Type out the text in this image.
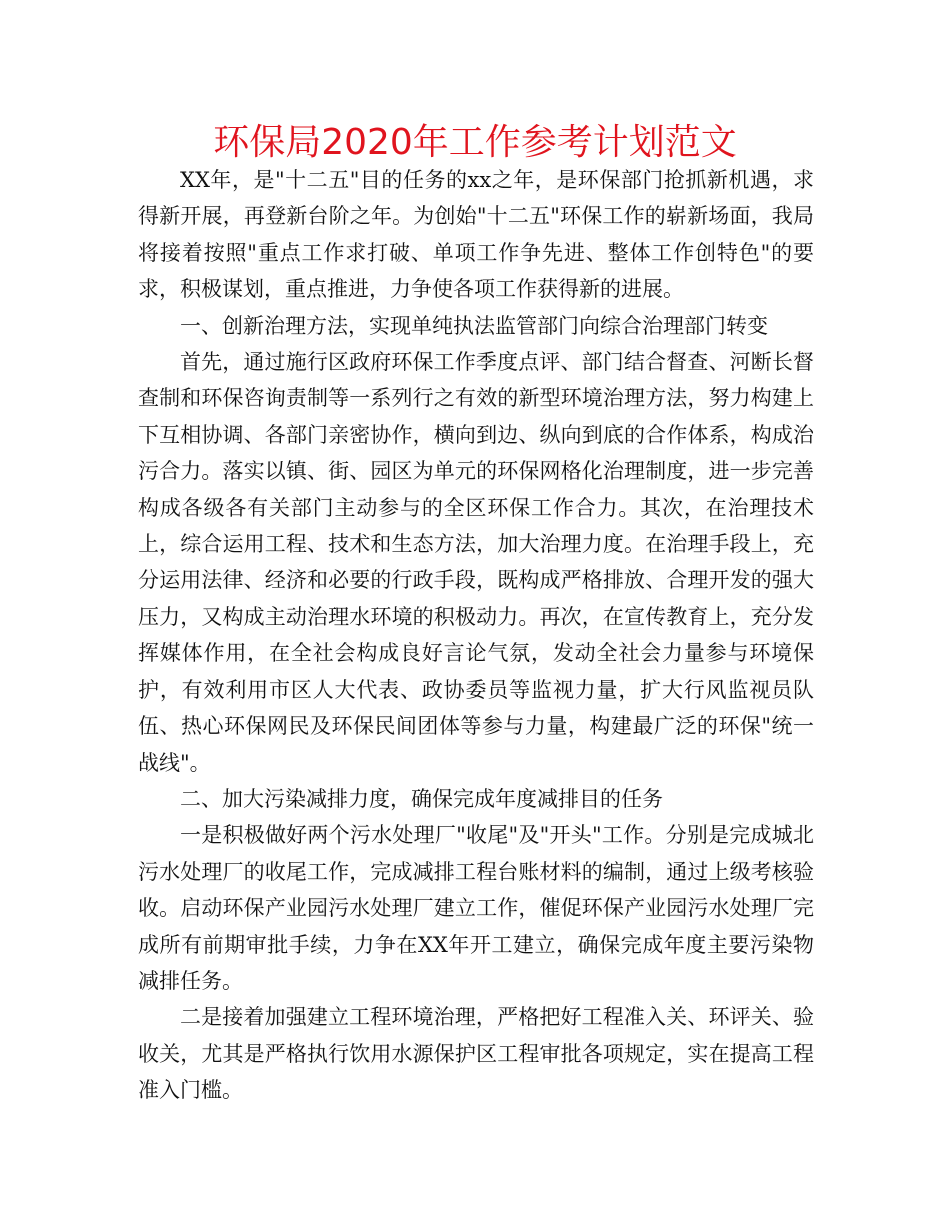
环保局2020年工作参考计划范文

XX年，是"十二五"目的任务的xx之年，是环保部门抢抓新机遇，求得新开展，再登新台阶之年。为创始"十二五"环保工作的崭新场面，我局将接着按照"重点工作求打破、单项工作争先进、整体工作创特色"的要求，积极谋划，重点推进，力争使各项工作获得新的进展。

一、创新治理方法，实现单纯执法监管部门向综合治理部门转变

首先，通过施行区政府环保工作季度点评、部门结合督查、河断长督查制和环保咨询责制等一系列行之有效的新型环境治理方法，努力构建上下互相协调、各部门亲密协作，横向到边、纵向到底的合作体系，构成治污合力。落实以镇、街、园区为单元的环保网格化治理制度，进一步完善构成各级各有关部门主动参与的全区环保工作合力。其次，在治理技术上，综合运用工程、技术和生态方法，加大治理力度。在治理手段上，充分运用法律、经济和必要的行政手段，既构成严格排放、合理开发的强大压力，又构成主动治理水环境的积极动力。再次，在宣传教育上，充分发挥媒体作用，在全社会构成良好言论气氛，发动全社会力量参与环境保护，有效利用市区人大代表、政协委员等监视力量，扩大行风监视员队伍、热心环保网民及环保民间团体等参与力量，构建最广泛的环保"统一战线"。

二、加大污染减排力度，确保完成年度减排目的任务

一是积极做好两个污水处理厂"收尾"及"开头"工作。分别是完成城北污水处理厂的收尾工作，完成减排工程台账材料的编制，通过上级考核验收。启动环保产业园污水处理厂建立工作，催促环保产业园污水处理厂完成所有前期审批手续，力争在XX年开工建立，确保完成年度主要污染物减排任务。

二是接着加强建立工程环境治理，严格把好工程准入关、环评关、验收关，尤其是严格执行饮用水源保护区工程审批各项规定，实在提高工程准入门槛。
